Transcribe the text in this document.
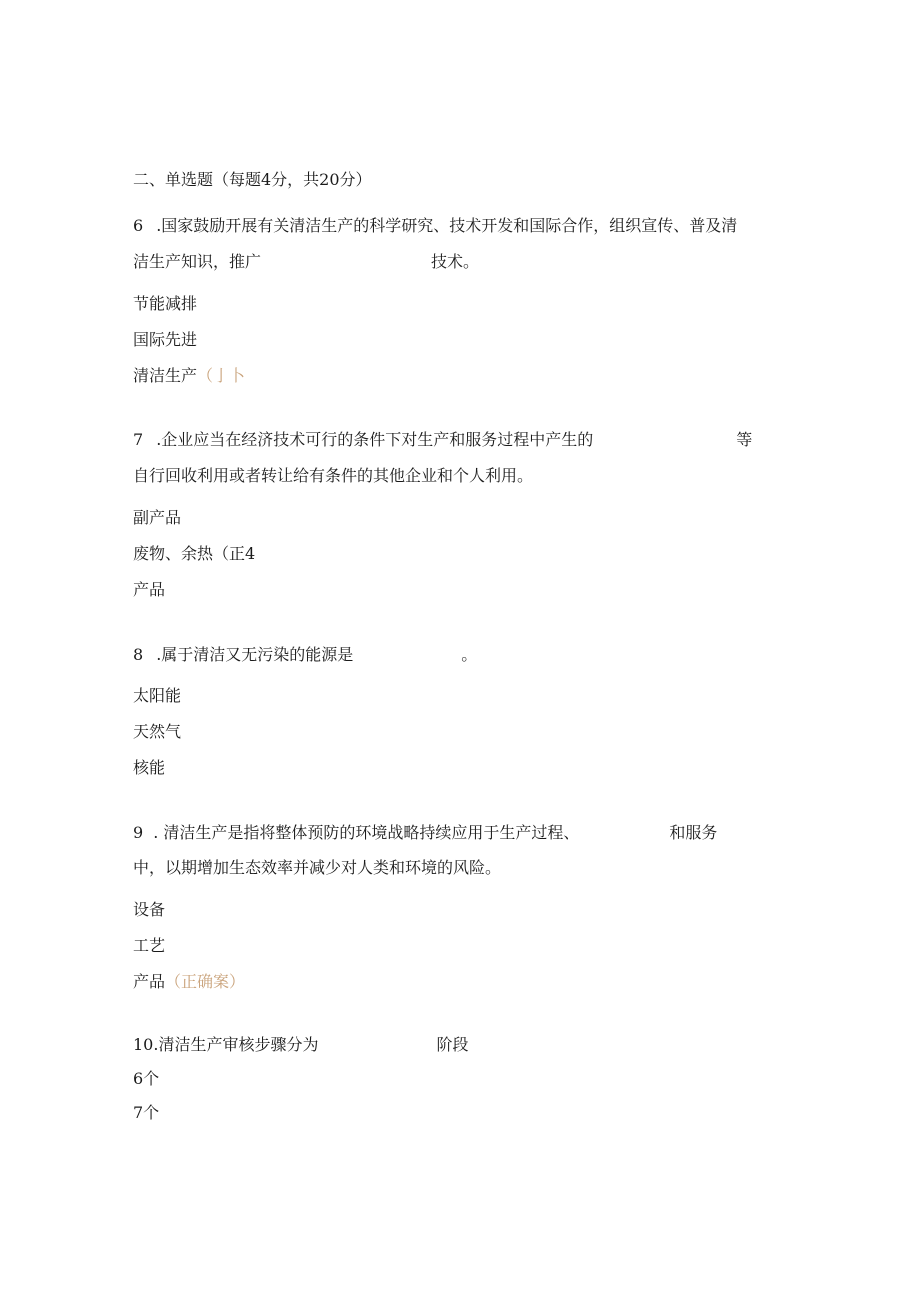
二、单选题（每题4分，共20分）
6 .国家鼓励开展有关清洁生产的科学研究、技术开发和国际合作，组织宣传、普及清
洁生产知识，推广	技术。
节能减排
国际先进
清洁生产（亅卜
7 .企业应当在经济技术可行的条件下对生产和服务过程中产生的	等
自行回收利用或者转让给有条件的其他企业和个人利用。
副产品
废物、余热（正4
产品
8 .属于清洁又无污染的能源是	。
太阳能
天然气
核能
9 . 清洁生产是指将整体预防的环境战略持续应用于生产过程、	和服务
中，以期增加生态效率并减少对人类和环境的风险。
设备
工艺
产品（正确案）
10.清洁生产审核步骤分为	阶段
6个
7个
